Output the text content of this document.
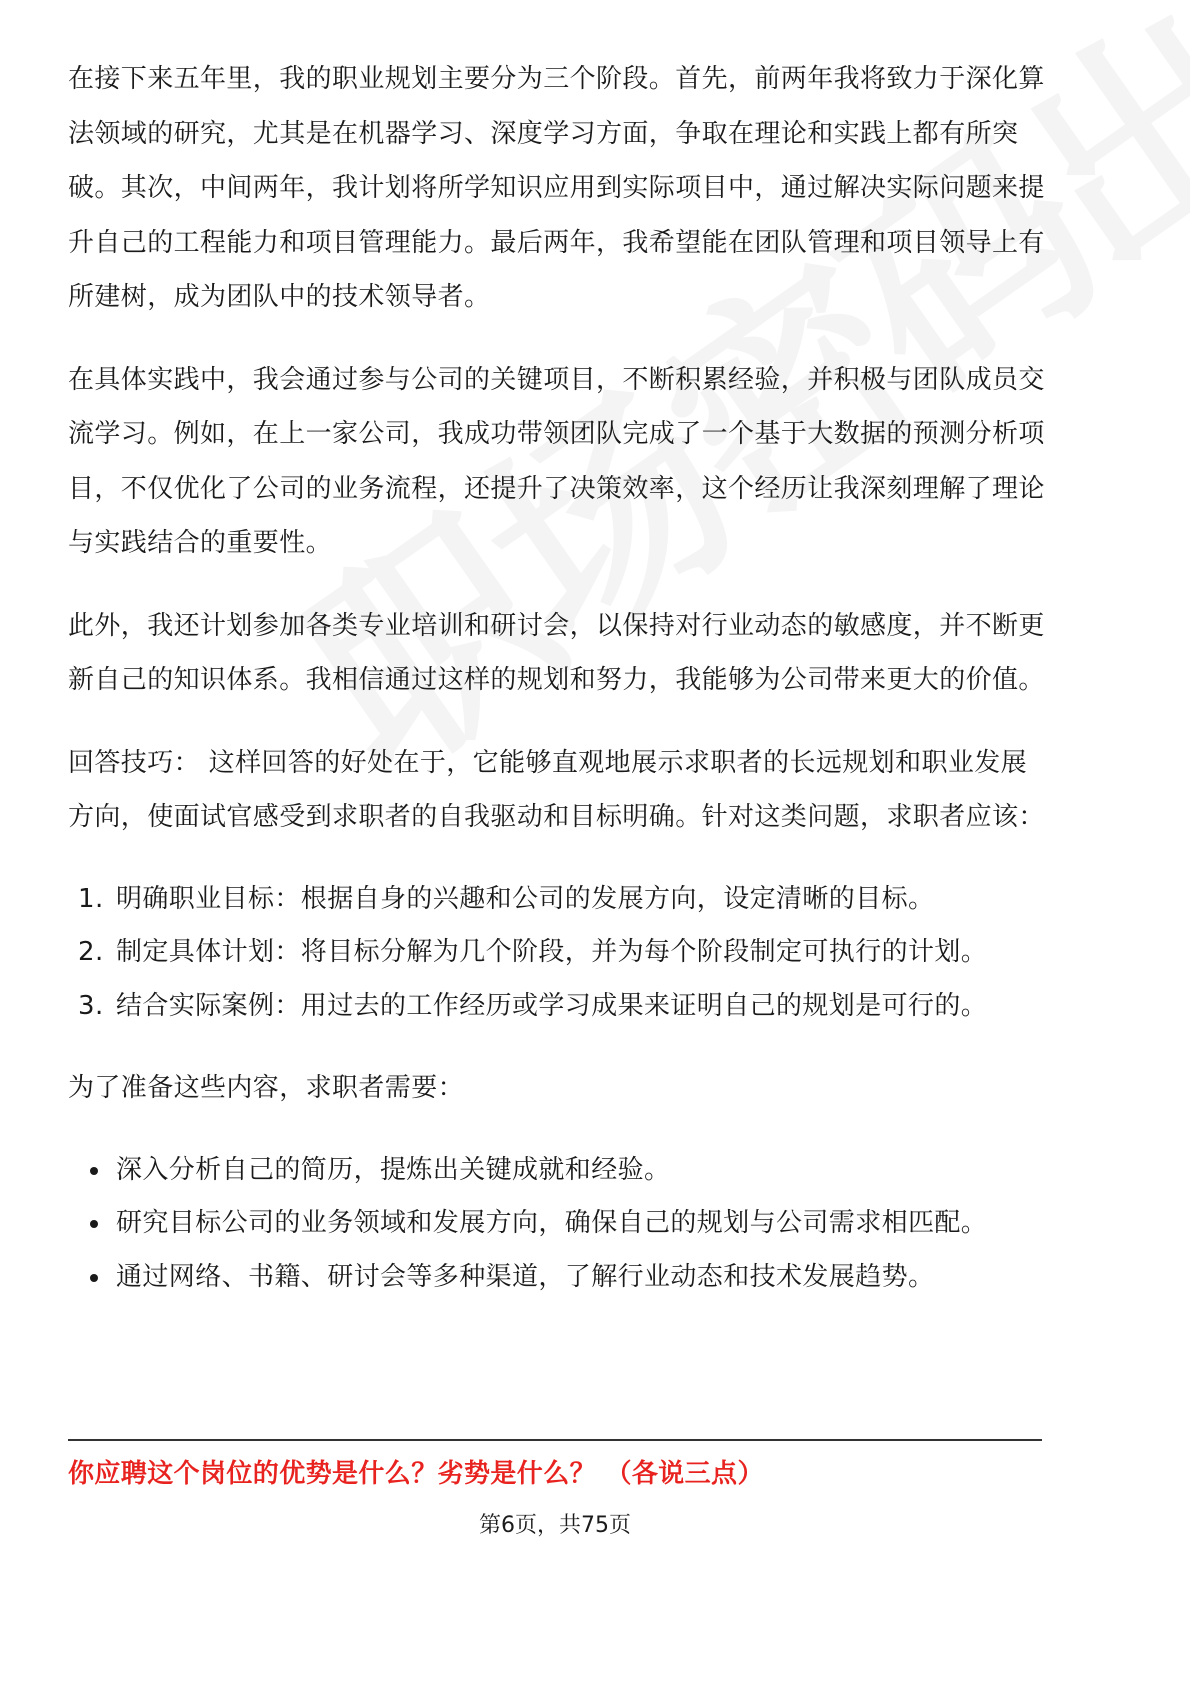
在接下来五年里，我的职业规划主要分为三个阶段。首先，前两年我将致力于深化算法领域的研究，尤其是在机器学习、深度学习方面，争取在理论和实践上都有所突破。其次，中间两年，我计划将所学知识应用到实际项目中，通过解决实际问题来提升自己的工程能力和项目管理能力。最后两年，我希望能在团队管理和项目领导上有所建树，成为团队中的技术领导者。

在具体实践中，我会通过参与公司的关键项目，不断积累经验，并积极与团队成员交流学习。例如，在上一家公司，我成功带领团队完成了一个基于大数据的预测分析项目，不仅优化了公司的业务流程，还提升了决策效率，这个经历让我深刻理解了理论与实践结合的重要性。

此外，我还计划参加各类专业培训和研讨会，以保持对行业动态的敏感度，并不断更新自己的知识体系。我相信通过这样的规划和努力，我能够为公司带来更大的价值。

回答技巧： 这样回答的好处在于，它能够直观地展示求职者的长远规划和职业发展方向，使面试官感受到求职者的自我驱动和目标明确。针对这类问题，求职者应该：

1. 明确职业目标：根据自身的兴趣和公司的发展方向，设定清晰的目标。
2. 制定具体计划：将目标分解为几个阶段，并为每个阶段制定可执行的计划。
3. 结合实际案例：用过去的工作经历或学习成果来证明自己的规划是可行的。

为了准备这些内容，求职者需要：

深入分析自己的简历，提炼出关键成就和经验。
研究目标公司的业务领域和发展方向，确保自己的规划与公司需求相匹配。
通过网络、书籍、研讨会等多种渠道，了解行业动态和技术发展趋势。
你应聘这个岗位的优势是什么？劣势是什么？ （各说三点）
第6页，共75页
